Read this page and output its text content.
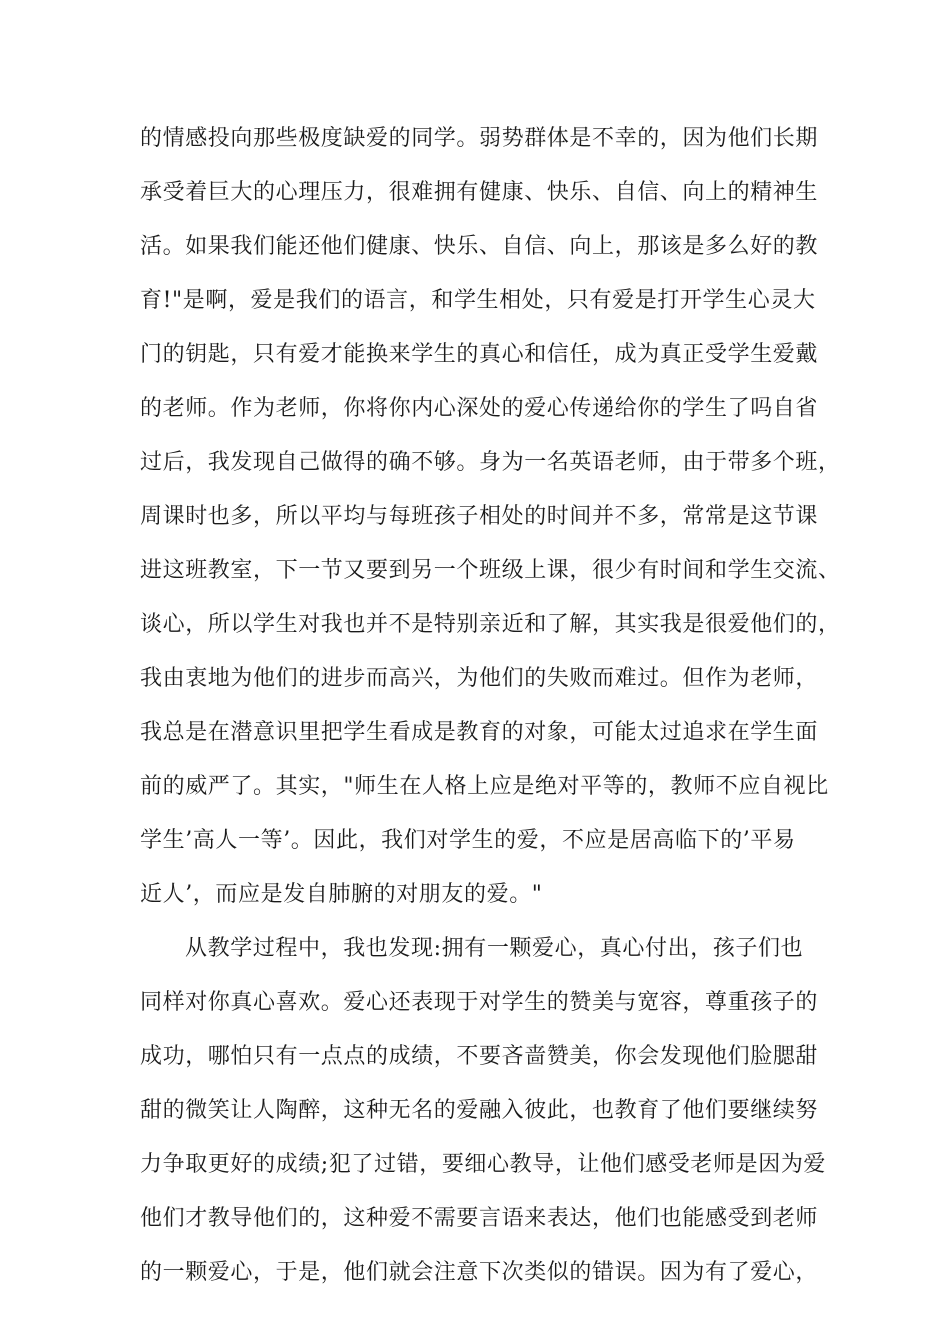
的情感投向那些极度缺爱的同学。弱势群体是不幸的，因为他们长期
承受着巨大的心理压力，很难拥有健康、快乐、自信、向上的精神生
活。如果我们能还他们健康、快乐、自信、向上，那该是多么好的教
育!"是啊，爱是我们的语言，和学生相处，只有爱是打开学生心灵大
门的钥匙，只有爱才能换来学生的真心和信任，成为真正受学生爱戴
的老师。作为老师，你将你内心深处的爱心传递给你的学生了吗自省
过后，我发现自己做得的确不够。身为一名英语老师，由于带多个班，
周课时也多，所以平均与每班孩子相处的时间并不多，常常是这节课
进这班教室，下一节又要到另一个班级上课，很少有时间和学生交流、
谈心，所以学生对我也并不是特别亲近和了解，其实我是很爱他们的，
我由衷地为他们的进步而高兴，为他们的失败而难过。但作为老师，
我总是在潜意识里把学生看成是教育的对象，可能太过追求在学生面
前的威严了。其实，"师生在人格上应是绝对平等的，教师不应自视比
学生’高人一等’。因此，我们对学生的爱，不应是居高临下的’平易
近人’，而应是发自肺腑的对朋友的爱。"
从教学过程中，我也发现:拥有一颗爱心，真心付出，孩子们也
同样对你真心喜欢。爱心还表现于对学生的赞美与宽容，尊重孩子的
成功，哪怕只有一点点的成绩，不要吝啬赞美，你会发现他们脸腮甜
甜的微笑让人陶醉，这种无名的爱融入彼此，也教育了他们要继续努
力争取更好的成绩;犯了过错，要细心教导，让他们感受老师是因为爱
他们才教导他们的，这种爱不需要言语来表达，他们也能感受到老师
的一颗爱心，于是，他们就会注意下次类似的错误。因为有了爱心，
